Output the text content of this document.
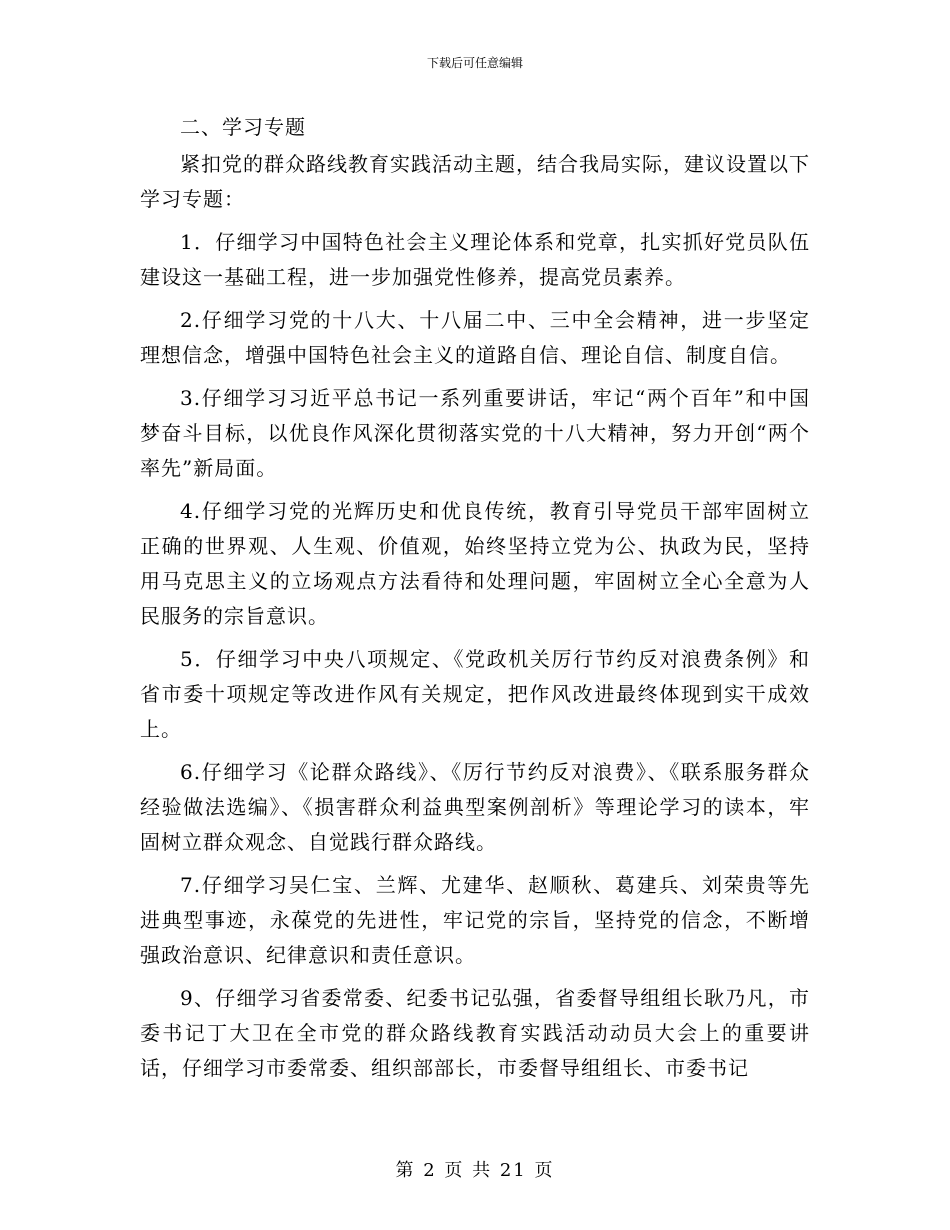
下载后可任意编辑

二、学习专题

紧扣党的群众路线教育实践活动主题，结合我局实际，建议设置以下学习专题：

1．仔细学习中国特色社会主义理论体系和党章，扎实抓好党员队伍建设这一基础工程，进一步加强党性修养，提高党员素养。

2.仔细学习党的十八大、十八届二中、三中全会精神，进一步坚定理想信念，增强中国特色社会主义的道路自信、理论自信、制度自信。

3.仔细学习习近平总书记一系列重要讲话，牢记“两个百年”和中国梦奋斗目标，以优良作风深化贯彻落实党的十八大精神，努力开创“两个率先”新局面。

4.仔细学习党的光辉历史和优良传统，教育引导党员干部牢固树立正确的世界观、人生观、价值观，始终坚持立党为公、执政为民，坚持用马克思主义的立场观点方法看待和处理问题，牢固树立全心全意为人民服务的宗旨意识。

5．仔细学习中央八项规定、《党政机关厉行节约反对浪费条例》和省市委十项规定等改进作风有关规定，把作风改进最终体现到实干成效上。

6.仔细学习《论群众路线》、《厉行节约反对浪费》、《联系服务群众经验做法选编》、《损害群众利益典型案例剖析》等理论学习的读本，牢固树立群众观念、自觉践行群众路线。

7.仔细学习吴仁宝、兰辉、尤建华、赵顺秋、葛建兵、刘荣贵等先进典型事迹，永葆党的先进性，牢记党的宗旨，坚持党的信念，不断增强政治意识、纪律意识和责任意识。

9、仔细学习省委常委、纪委书记弘强，省委督导组组长耿乃凡，市委书记丁大卫在全市党的群众路线教育实践活动动员大会上的重要讲话，仔细学习市委常委、组织部部长，市委督导组组长、市委书记

第 2 页 共 21 页
